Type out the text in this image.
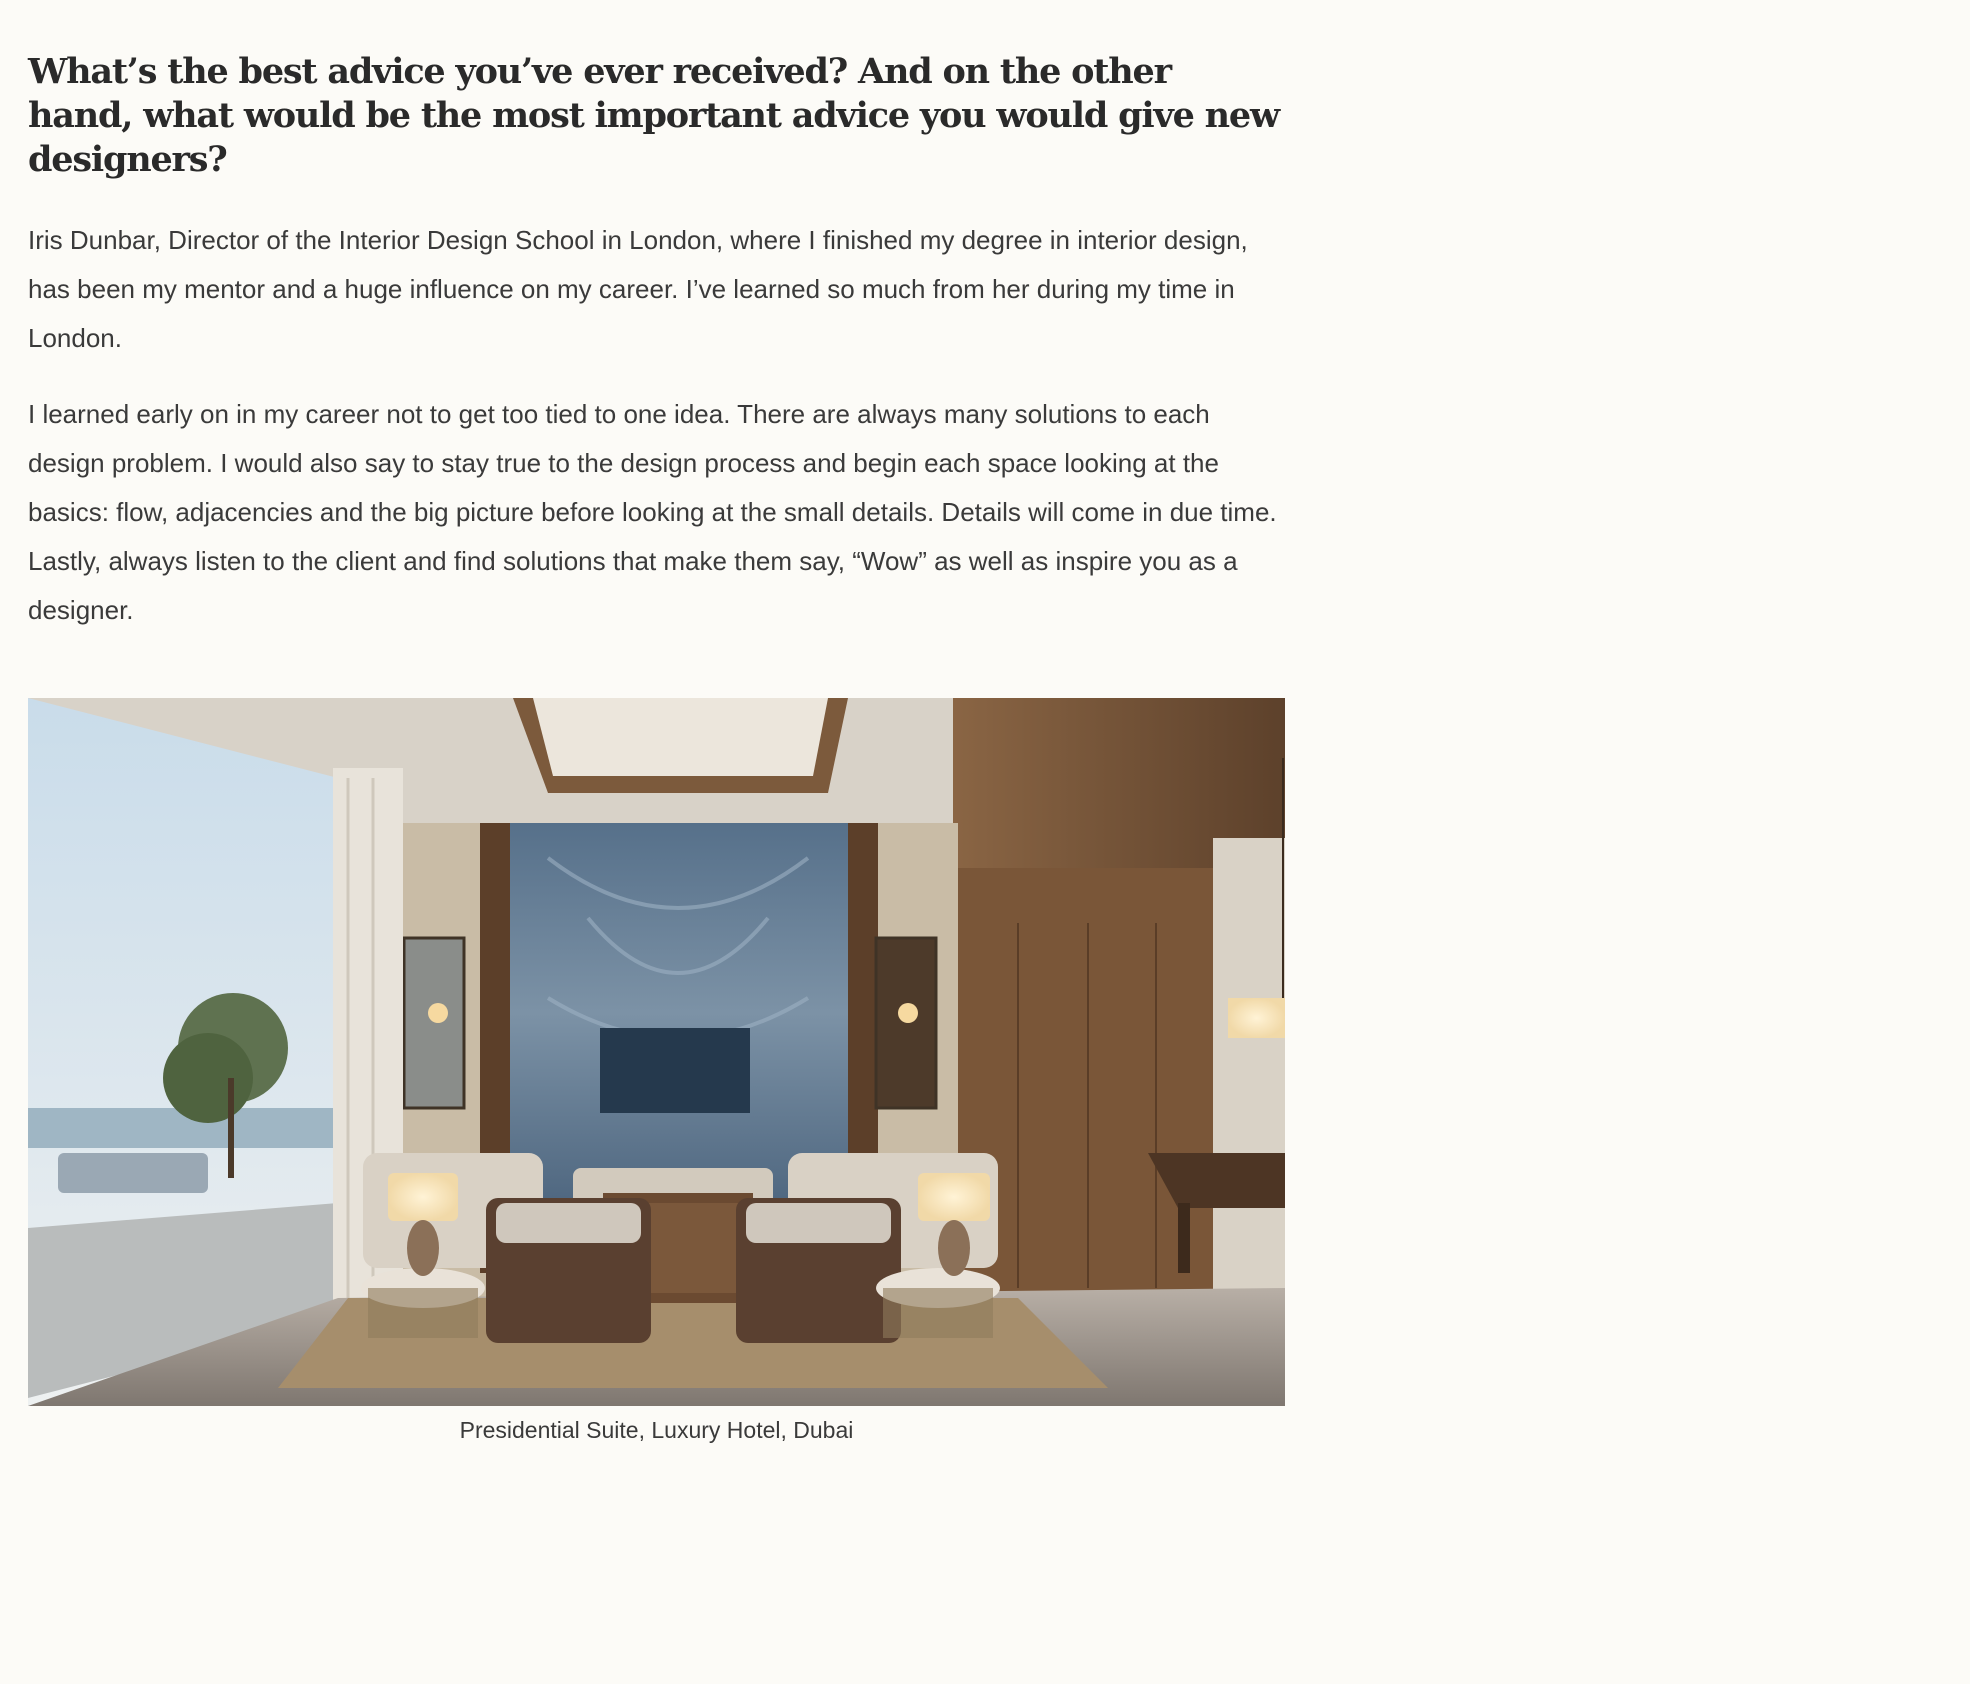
What’s the best advice you’ve ever received? And on the other hand, what would be the most important advice you would give new designers?

Iris Dunbar, Director of the Interior Design School in London, where I finished my degree in interior design, has been my mentor and a huge influence on my career. I’ve learned so much from her during my time in London.

I learned early on in my career not to get too tied to one idea. There are always many solutions to each design problem. I would also say to stay true to the design process and begin each space looking at the basics: flow, adjacencies and the big picture before looking at the small details. Details will come in due time. Lastly, always listen to the client and find solutions that make them say, “Wow” as well as inspire you as a designer.

Presidential Suite, Luxury Hotel, Dubai
